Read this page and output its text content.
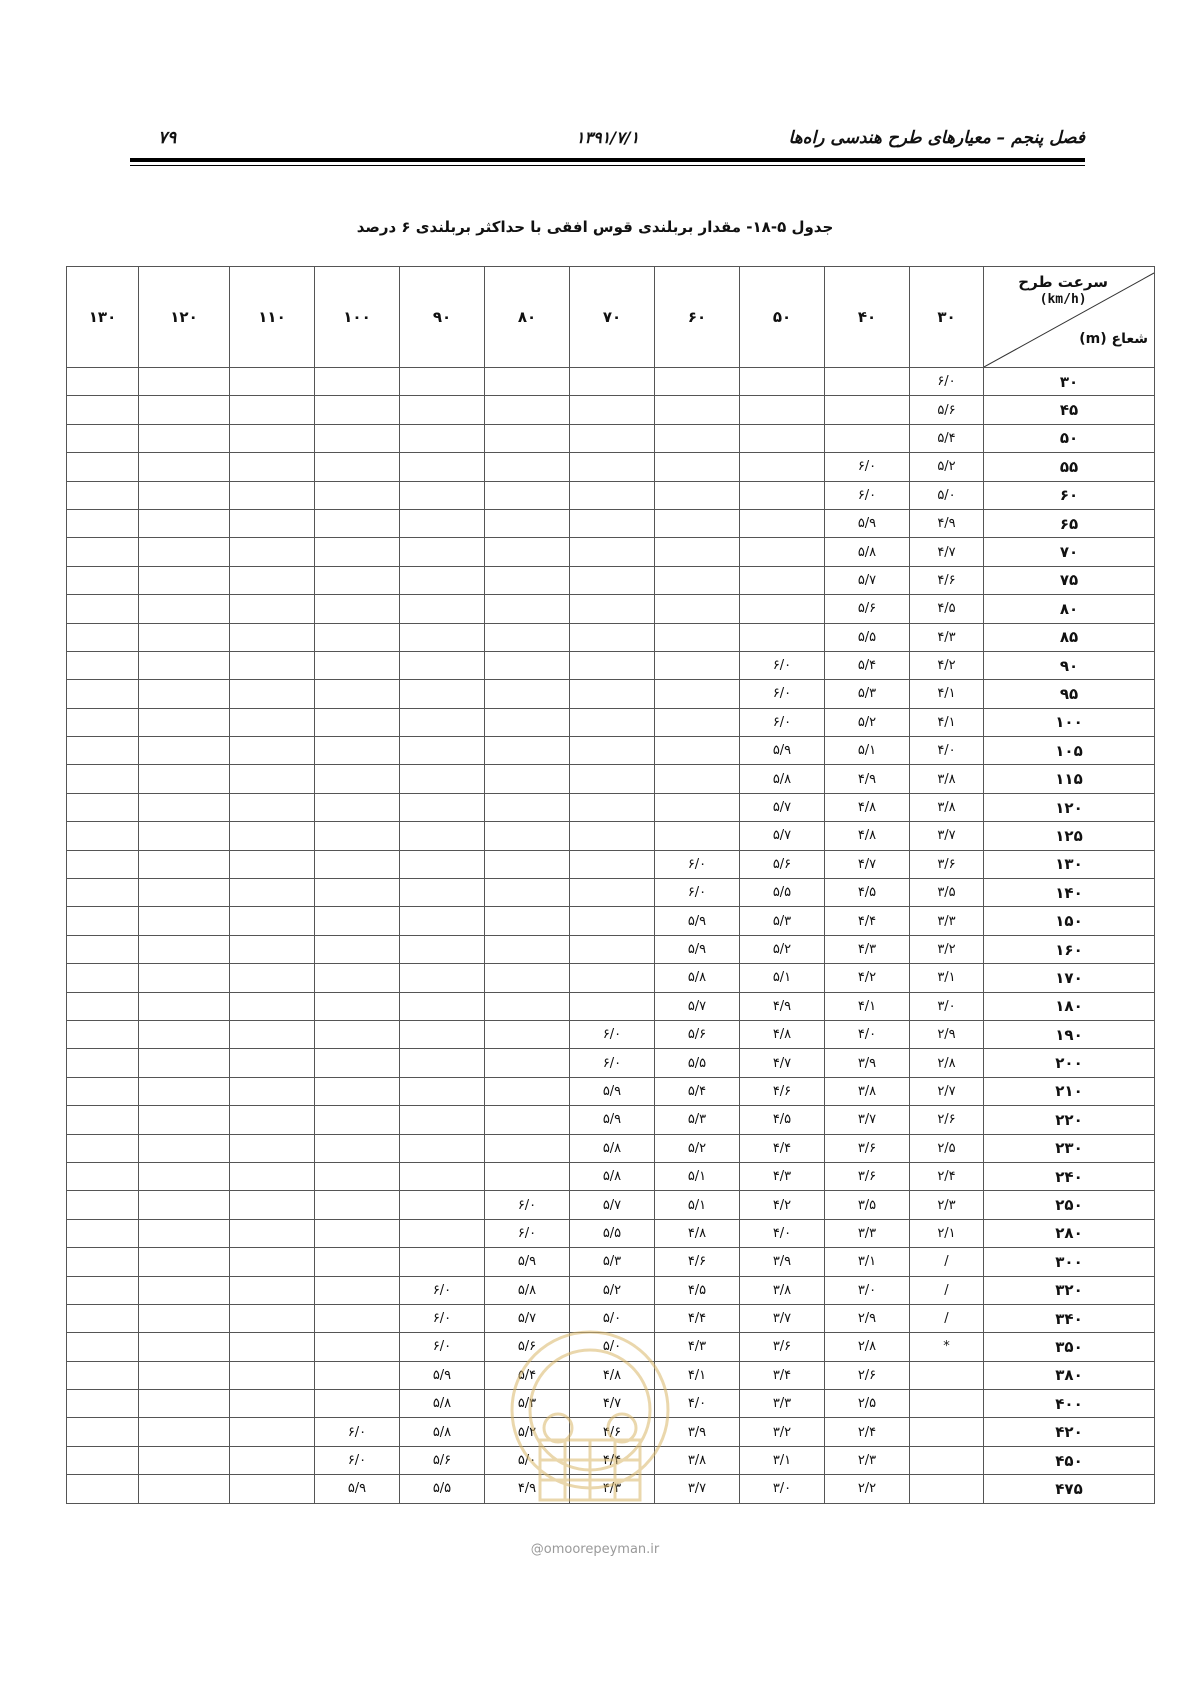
فصل پنجم – معیارهای طرح هندسی راه‌ها
۱۳۹۱/۷/۱
۷۹
جدول ۵-۱۸- مقدار بربلندی قوس افقی با حداکثر بربلندی ۶ درصد
سرعت طرح
(km/h)
شعاع (m)	۳۰	۴۰	۵۰	۶۰	۷۰	۸۰	۹۰	۱۰۰	۱۱۰	۱۲۰	۱۳۰
۳۰	۶/۰										
۴۵	۵/۶										
۵۰	۵/۴										
۵۵	۵/۲	۶/۰									
۶۰	۵/۰	۶/۰									
۶۵	۴/۹	۵/۹									
۷۰	۴/۷	۵/۸									
۷۵	۴/۶	۵/۷									
۸۰	۴/۵	۵/۶									
۸۵	۴/۳	۵/۵									
۹۰	۴/۲	۵/۴	۶/۰								
۹۵	۴/۱	۵/۳	۶/۰								
۱۰۰	۴/۱	۵/۲	۶/۰								
۱۰۵	۴/۰	۵/۱	۵/۹								
۱۱۵	۳/۸	۴/۹	۵/۸								
۱۲۰	۳/۸	۴/۸	۵/۷								
۱۲۵	۳/۷	۴/۸	۵/۷								
۱۳۰	۳/۶	۴/۷	۵/۶	۶/۰							
۱۴۰	۳/۵	۴/۵	۵/۵	۶/۰							
۱۵۰	۳/۳	۴/۴	۵/۳	۵/۹							
۱۶۰	۳/۲	۴/۳	۵/۲	۵/۹							
۱۷۰	۳/۱	۴/۲	۵/۱	۵/۸							
۱۸۰	۳/۰	۴/۱	۴/۹	۵/۷							
۱۹۰	۲/۹	۴/۰	۴/۸	۵/۶	۶/۰						
۲۰۰	۲/۸	۳/۹	۴/۷	۵/۵	۶/۰						
۲۱۰	۲/۷	۳/۸	۴/۶	۵/۴	۵/۹						
۲۲۰	۲/۶	۳/۷	۴/۵	۵/۳	۵/۹						
۲۳۰	۲/۵	۳/۶	۴/۴	۵/۲	۵/۸						
۲۴۰	۲/۴	۳/۶	۴/۳	۵/۱	۵/۸						
۲۵۰	۲/۳	۳/۵	۴/۲	۵/۱	۵/۷	۶/۰					
۲۸۰	۲/۱	۳/۳	۴/۰	۴/۸	۵/۵	۶/۰					
۳۰۰	/	۳/۱	۳/۹	۴/۶	۵/۳	۵/۹					
۳۲۰	/	۳/۰	۳/۸	۴/۵	۵/۲	۵/۸	۶/۰				
۳۴۰	/	۲/۹	۳/۷	۴/۴	۵/۰	۵/۷	۶/۰				
۳۵۰	*	۲/۸	۳/۶	۴/۳	۵/۰	۵/۶	۶/۰				
۳۸۰		۲/۶	۳/۴	۴/۱	۴/۸	۵/۴	۵/۹				
۴۰۰		۲/۵	۳/۳	۴/۰	۴/۷	۵/۳	۵/۸				
۴۲۰		۲/۴	۳/۲	۳/۹	۴/۶	۵/۲	۵/۸	۶/۰			
۴۵۰		۲/۳	۳/۱	۳/۸	۴/۴	۵/۰	۵/۶	۶/۰			
۴۷۵		۲/۲	۳/۰	۳/۷	۴/۳	۴/۹	۵/۵	۵/۹			
@omoorepeyman.ir
